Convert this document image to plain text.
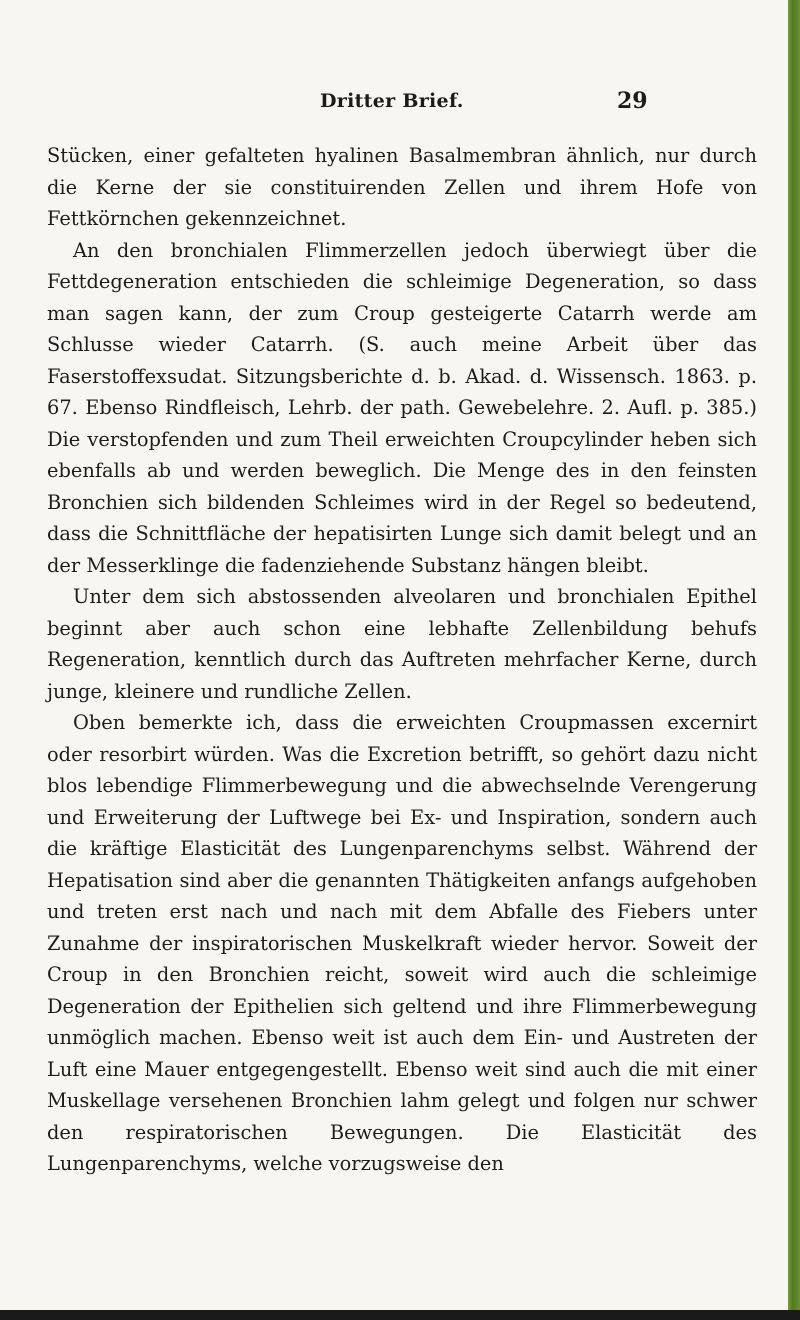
Dritter Brief.	29

Stücken, einer gefalteten hyalinen Basalmembran ähnlich, nur durch die Kerne der sie constituirenden Zellen und ihrem Hofe von Fettkörnchen gekennzeichnet.

An den bronchialen Flimmerzellen jedoch überwiegt über die Fettdegeneration entschieden die schleimige Degeneration, so dass man sagen kann, der zum Croup gesteigerte Catarrh werde am Schlusse wieder Catarrh. (S. auch meine Arbeit über das Faserstoffexsudat. Sitzungsberichte d. b. Akad. d. Wissensch. 1863. p. 67. Ebenso Rindfleisch, Lehrb. der path. Gewebelehre. 2. Aufl. p. 385.) Die verstopfenden und zum Theil erweichten Croupcylinder heben sich ebenfalls ab und werden beweglich. Die Menge des in den feinsten Bronchien sich bildenden Schleimes wird in der Regel so bedeutend, dass die Schnittfläche der hepatisirten Lunge sich damit belegt und an der Messerklinge die fadenziehende Substanz hängen bleibt.

Unter dem sich abstossenden alveolaren und bronchialen Epithel beginnt aber auch schon eine lebhafte Zellenbildung behufs Regeneration, kenntlich durch das Auftreten mehrfacher Kerne, durch junge, kleinere und rundliche Zellen.

Oben bemerkte ich, dass die erweichten Croupmassen excernirt oder resorbirt würden. Was die Excretion betrifft, so gehört dazu nicht blos lebendige Flimmerbewegung und die abwechselnde Verengerung und Erweiterung der Luftwege bei Ex- und Inspiration, sondern auch die kräftige Elasticität des Lungenparenchyms selbst. Während der Hepatisation sind aber die genannten Thätigkeiten anfangs aufgehoben und treten erst nach und nach mit dem Abfalle des Fiebers unter Zunahme der inspiratorischen Muskelkraft wieder hervor. Soweit der Croup in den Bronchien reicht, soweit wird auch die schleimige Degeneration der Epithelien sich geltend und ihre Flimmerbewegung unmöglich machen. Ebenso weit ist auch dem Ein- und Austreten der Luft eine Mauer entgegengestellt. Ebenso weit sind auch die mit einer Muskellage versehenen Bronchien lahm gelegt und folgen nur schwer den respiratorischen Bewegungen. Die Elasticität des Lungenparenchyms, welche vorzugsweise den
